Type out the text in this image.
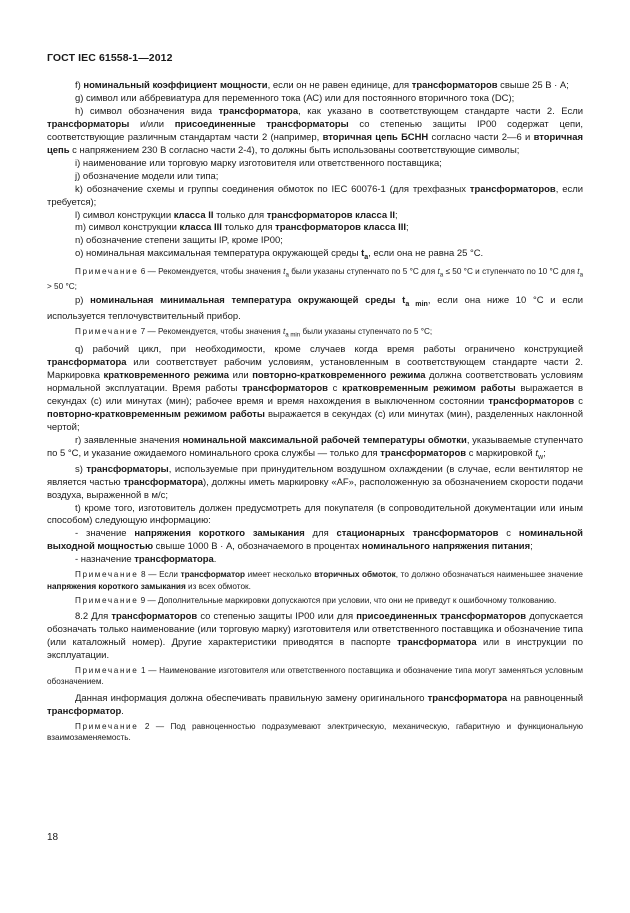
ГОСТ IEC 61558-1—2012

f) номинальный коэффициент мощности, если он не равен единице, для трансформаторов свыше 25 В · А;

g) символ или аббревиатура для переменного тока (АС) или для постоянного вторичного тока (DC);

h) символ обозначения вида трансформатора, как указано в соответствующем стандарте части 2. Если трансформаторы и/или присоединенные трансформаторы со степенью защиты IP00 содержат цепи, соответствующие различным стандартам части 2 (например, вторичная цепь БСНН согласно части 2—6 и вторичная цепь с напряжением 230 В согласно части 2-4), то должны быть использованы соответствующие символы;

i) наименование или торговую марку изготовителя или ответственного поставщика;

j) обозначение модели или типа;

k) обозначение схемы и группы соединения обмоток по IEC 60076-1 (для трехфазных трансформаторов, если требуется);

l) символ конструкции класса II только для трансформаторов класса II;

m) символ конструкции класса III только для трансформаторов класса III;

n) обозначение степени защиты IP, кроме IP00;

о) номинальная максимальная температура окружающей среды $t_a$, если она не равна 25 °С.

Примечание 6 — Рекомендуется, чтобы значения $t_a$ были указаны ступенчато по 5 °С для $t_a \le 50$ °С и ступенчато по 10 °С для $t_a > 50$ °С;

р) номинальная минимальная температура окружающей среды $t_{a min}$, если она ниже 10 °С и если используется теплочувствительный прибор.

Примечание 7 — Рекомендуется, чтобы значения $t_{a min}$ были указаны ступенчато по 5 °С;

q) рабочий цикл, при необходимости, кроме случаев когда время работы ограничено конструкцией трансформатора или соответствует рабочим условиям, установленным в соответствующем стандарте части 2. Маркировка кратковременного режима или повторно-кратковременного режима должна соответствовать условиям нормальной эксплуатации. Время работы трансформаторов с кратковременным режимом работы выражается в секундах (с) или минутах (мин); рабочее время и время нахождения в выключенном состоянии трансформаторов с повторно-кратковременным режимом работы выражается в секундах (с) или минутах (мин), разделенных наклонной чертой;

r) заявленные значения номинальной максимальной рабочей температуры обмотки, указываемые ступенчато по 5 °С, и указание ожидаемого номинального срока службы — только для трансформаторов с маркировкой $t_w$;

s) трансформаторы, используемые при принудительном воздушном охлаждении (в случае, если вентилятор не является частью трансформатора), должны иметь маркировку «AF», расположенную за обозначением скорости подачи воздуха, выраженной в м/с;

t) кроме того, изготовитель должен предусмотреть для покупателя (в сопроводительной документации или иным способом) следующую информацию:

- значение напряжения короткого замыкания для стационарных трансформаторов с номинальной выходной мощностью свыше 1000 В · А, обозначаемого в процентах номинального напряжения питания;

- назначение трансформатора.

Примечание 8 — Если трансформатор имеет несколько вторичных обмоток, то должно обозначаться наименьшее значение напряжения короткого замыкания из всех обмоток.

Примечание 9 — Дополнительные маркировки допускаются при условии, что они не приведут к ошибочному толкованию.

8.2 Для трансформаторов со степенью защиты IP00 или для присоединенных трансформаторов допускается обозначать только наименование (или торговую марку) изготовителя или ответственного поставщика и обозначение типа (или каталожный номер). Другие характеристики приводятся в паспорте трансформатора или в инструкции по эксплуатации.

Примечание 1 — Наименование изготовителя или ответственного поставщика и обозначение типа могут заменяться условным обозначением.

Данная информация должна обеспечивать правильную замену оригинального трансформатора на равноценный трансформатор.

Примечание 2 — Под равноценностью подразумевают электрическую, механическую, габаритную и функциональную взаимозаменяемость.

18
